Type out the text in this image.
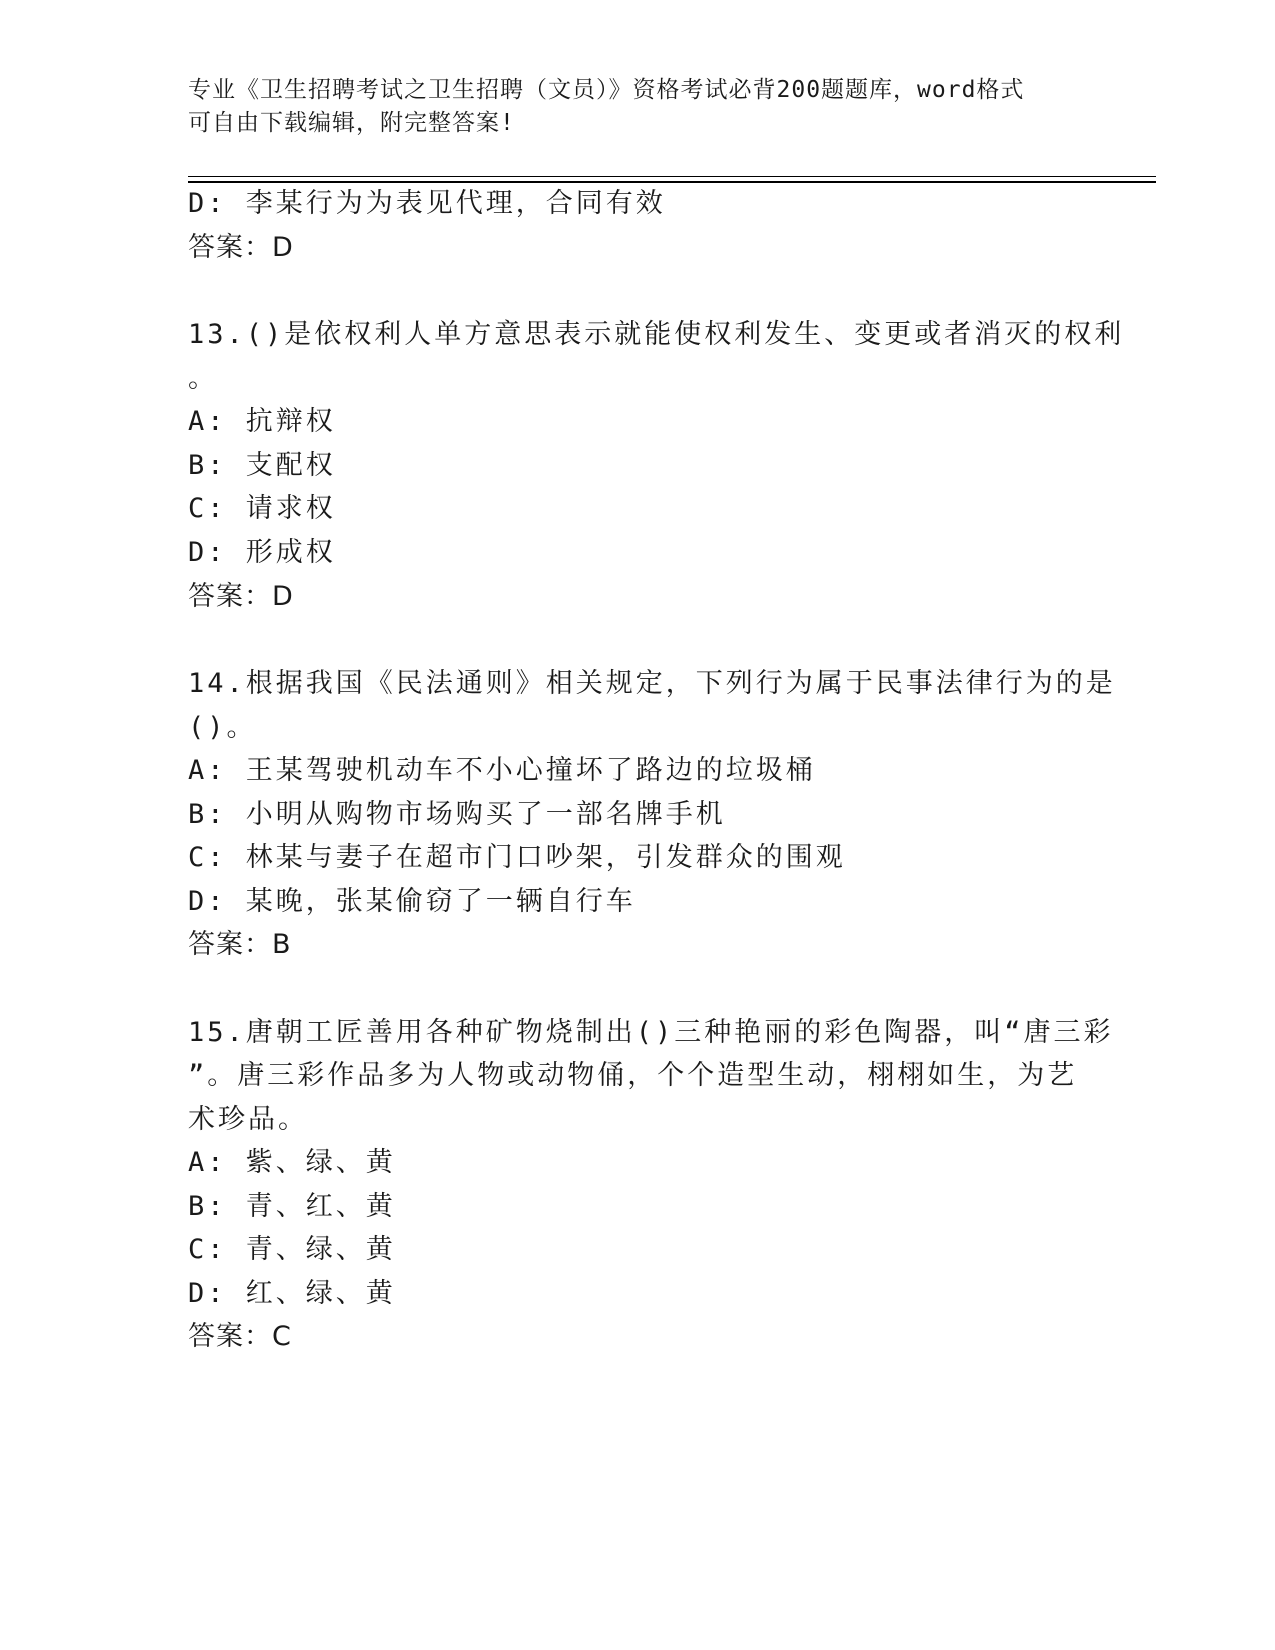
专业《卫生招聘考试之卫生招聘（文员）》资格考试必背200题题库，word格式
可自由下载编辑，附完整答案!
D: 李某行为为表见代理，合同有效
答案：D
13.()是依权利人单方意思表示就能使权利发生、变更或者消灭的权利
。
A: 抗辩权
B: 支配权
C: 请求权
D: 形成权
答案：D
14.根据我国《民法通则》相关规定，下列行为属于民事法律行为的是
()。
A: 王某驾驶机动车不小心撞坏了路边的垃圾桶
B: 小明从购物市场购买了一部名牌手机
C: 林某与妻子在超市门口吵架，引发群众的围观
D: 某晚，张某偷窃了一辆自行车
答案：B
15.唐朝工匠善用各种矿物烧制出()三种艳丽的彩色陶器，叫“唐三彩
”。唐三彩作品多为人物或动物俑，个个造型生动，栩栩如生，为艺
术珍品。
A: 紫、绿、黄
B: 青、红、黄
C: 青、绿、黄
D: 红、绿、黄
答案：C
